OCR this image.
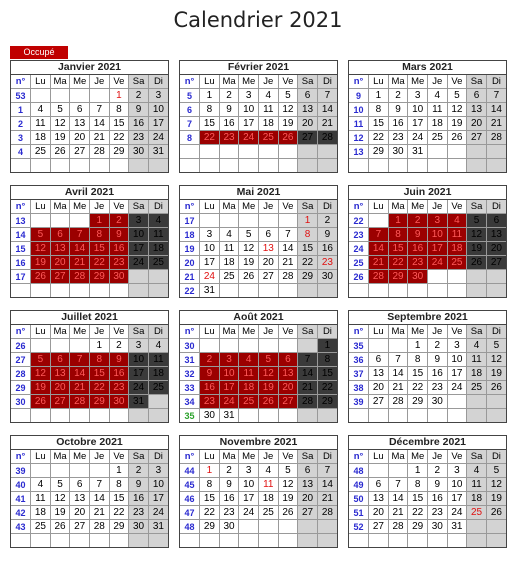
Calendrier 2021
Occupé
Janvier 2021
n°	Lu	Ma	Me	Je	Ve	Sa	Di
53					1	2	3
1	4	5	6	7	8	9	10
2	11	12	13	14	15	16	17
3	18	19	20	21	22	23	24
4	25	26	27	28	29	30	31

Février 2021
n°	Lu	Ma	Me	Je	Ve	Sa	Di
5	1	2	3	4	5	6	7
6	8	9	10	11	12	13	14
7	15	16	17	18	19	20	21
8	22	23	24	25	26	27	28

Mars 2021
n°	Lu	Ma	Me	Je	Ve	Sa	Di
9	1	2	3	4	5	6	7
10	8	9	10	11	12	13	14
11	15	16	17	18	19	20	21
12	22	23	24	25	26	27	28
13	29	30	31				

Avril 2021
n°	Lu	Ma	Me	Je	Ve	Sa	Di
13				1	2	3	4
14	5	6	7	8	9	10	11
15	12	13	14	15	16	17	18
16	19	20	21	22	23	24	25
17	26	27	28	29	30		

Mai 2021
n°	Lu	Ma	Me	Je	Ve	Sa	Di
17						1	2
18	3	4	5	6	7	8	9
19	10	11	12	13	14	15	16
20	17	18	19	20	21	22	23
21	24	25	26	27	28	29	30
22	31						
Juin 2021
n°	Lu	Ma	Me	Je	Ve	Sa	Di
22		1	2	3	4	5	6
23	7	8	9	10	11	12	13
24	14	15	16	17	18	19	20
25	21	22	23	24	25	26	27
26	28	29	30				

Juillet 2021
n°	Lu	Ma	Me	Je	Ve	Sa	Di
26				1	2	3	4
27	5	6	7	8	9	10	11
28	12	13	14	15	16	17	18
29	19	20	21	22	23	24	25
30	26	27	28	29	30	31	

Août 2021
n°	Lu	Ma	Me	Je	Ve	Sa	Di
30							1
31	2	3	4	5	6	7	8
32	9	10	11	12	13	14	15
33	16	17	18	19	20	21	22
34	23	24	25	26	27	28	29
35	30	31					
Septembre 2021
n°	Lu	Ma	Me	Je	Ve	Sa	Di
35			1	2	3	4	5
36	6	7	8	9	10	11	12
37	13	14	15	16	17	18	19
38	20	21	22	23	24	25	26
39	27	28	29	30			

Octobre 2021
n°	Lu	Ma	Me	Je	Ve	Sa	Di
39					1	2	3
40	4	5	6	7	8	9	10
41	11	12	13	14	15	16	17
42	18	19	20	21	22	23	24
43	25	26	27	28	29	30	31

Novembre 2021
n°	Lu	Ma	Me	Je	Ve	Sa	Di
44	1	2	3	4	5	6	7
45	8	9	10	11	12	13	14
46	15	16	17	18	19	20	21
47	22	23	24	25	26	27	28
48	29	30					

Décembre 2021
n°	Lu	Ma	Me	Je	Ve	Sa	Di
48			1	2	3	4	5
49	6	7	8	9	10	11	12
50	13	14	15	16	17	18	19
51	20	21	22	23	24	25	26
52	27	28	29	30	31		
